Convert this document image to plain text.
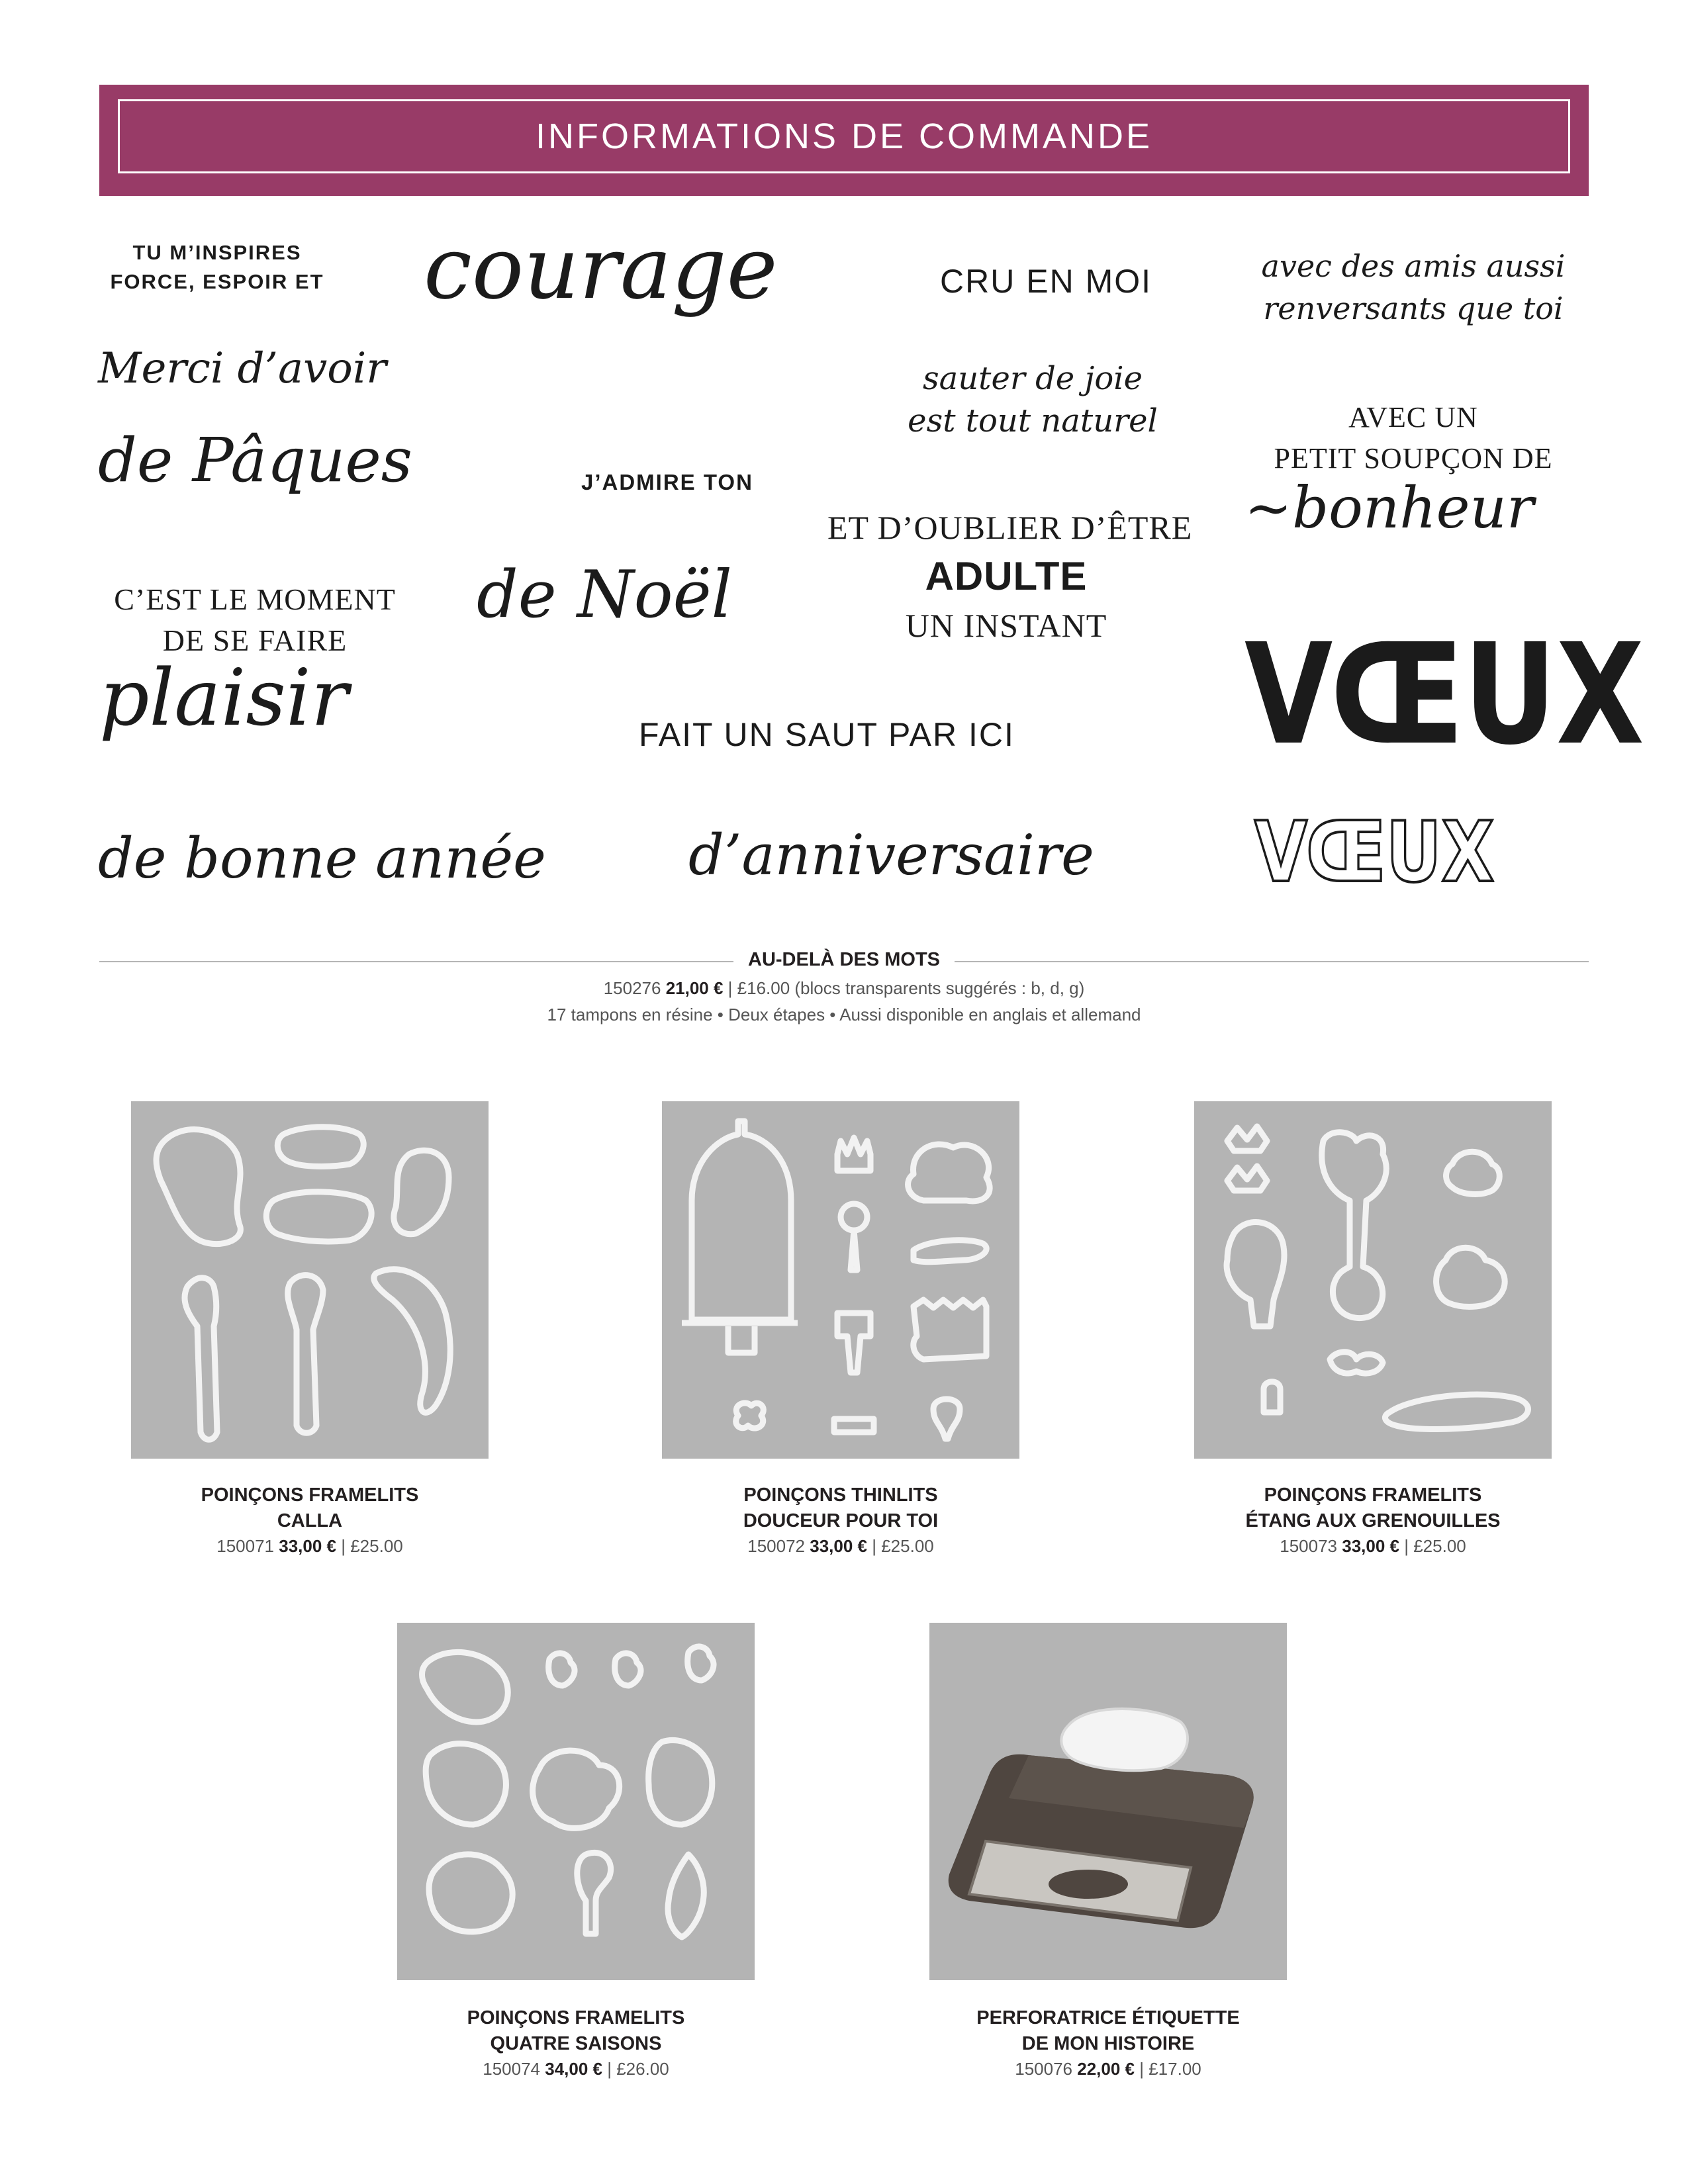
INFORMATIONS DE COMMANDE
TU M’INSPIRES
FORCE, ESPOIR ET courage	CRU EN MOI	avec des amis aussi
renversants que toi
Merci d’avoir	sauter de joie
est tout naturel	AVEC UN
PETIT SOUPÇON DE
~bonheur
de Pâques	J’ADMIRE TON
ET D’OUBLIER D’ÊTRE
ADULTE
UN INSTANT
C’EST LE MOMENT
DE SE FAIRE
plaisir
de Noël
VŒUX
FAIT UN SAUT PAR ICI
de bonne année	d’anniversaire VŒUX
AU-DELÀ DES MOTS
150276 21,00 € | £16.00 (blocs transparents suggérés : b, d, g)
17 tampons en résine • Deux étapes • Aussi disponible en anglais et allemand
POINÇONS FRAMELITS
CALLA
150071 33,00 € | £25.00
POINÇONS THINLITS
DOUCEUR POUR TOI
150072 33,00 € | £25.00
POINÇONS FRAMELITS
ÉTANG AUX GRENOUILLES
150073 33,00 € | £25.00
POINÇONS FRAMELITS
QUATRE SAISONS
150074 34,00 € | £26.00
PERFORATRICE ÉTIQUETTE
DE MON HISTOIRE
150076 22,00 € | £17.00
